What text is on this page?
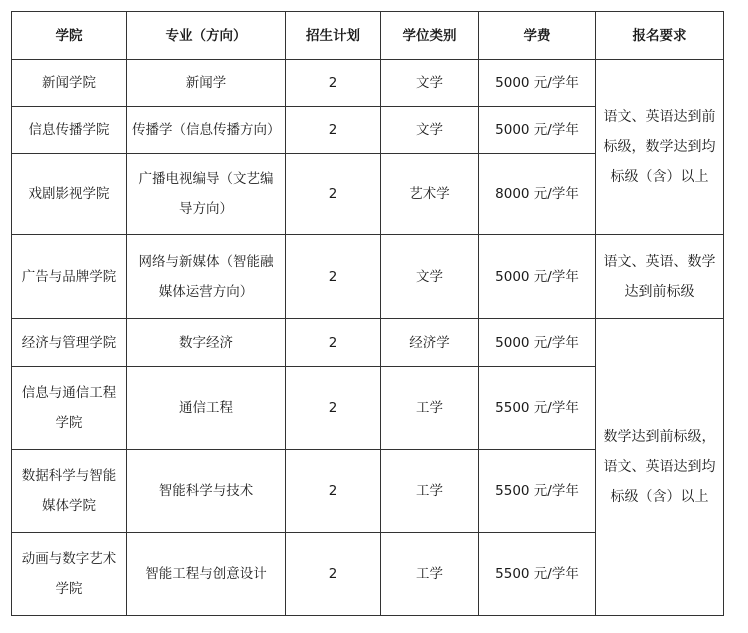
学院	专业（方向）	招生计划	学位类别	学费	报名要求
新闻学院	新闻学	2	文学	5000 元/学年	语文、英语达到前标级，数学达到均标级（含）以上
信息传播学院	传播学（信息传播方向）	2	文学	5000 元/学年	
戏剧影视学院	广播电视编导（文艺编导方向）	2	艺术学	8000 元/学年	
广告与品牌学院	网络与新媒体（智能融媒体运营方向）	2	文学	5000 元/学年	语文、英语、数学达到前标级
经济与管理学院	数字经济	2	经济学	5000 元/学年	数学达到前标级，语文、英语达到均标级（含）以上
信息与通信工程学院	通信工程	2	工学	5500 元/学年	
数据科学与智能媒体学院	智能科学与技术	2	工学	5500 元/学年	
动画与数字艺术学院	智能工程与创意设计	2	工学	5500 元/学年	
